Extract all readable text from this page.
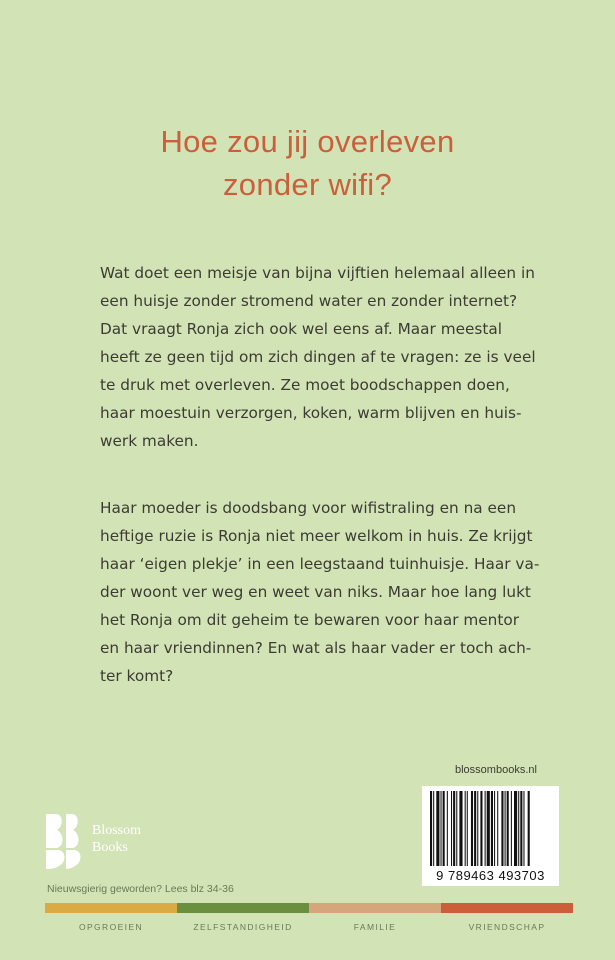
Hoe zou jij overleven
zonder wifi?
Wat doet een meisje van bijna vijftien helemaal alleen in
een huisje zonder stromend water en zonder internet?
Dat vraagt Ronja zich ook wel eens af. Maar meestal
heeft ze geen tijd om zich dingen af te vragen: ze is veel
te druk met overleven. Ze moet boodschappen doen,
haar moestuin verzorgen, koken, warm blijven en huis-
werk maken.
Haar moeder is doodsbang voor wifistraling en na een
heftige ruzie is Ronja niet meer welkom in huis. Ze krijgt
haar ‘eigen plekje’ in een leegstaand tuinhuisje. Haar va-
der woont ver weg en weet van niks. Maar hoe lang lukt
het Ronja om dit geheim te bewaren voor haar mentor
en haar vriendinnen? En wat als haar vader er toch ach-
ter komt?
blossombooks.nl
9 789463 493703
Blossom
Books
Nieuwsgierig geworden? Lees blz 34-36
OPGROEIEN	ZELFSTANDIGHEID	FAMILIE	VRIENDSCHAP
